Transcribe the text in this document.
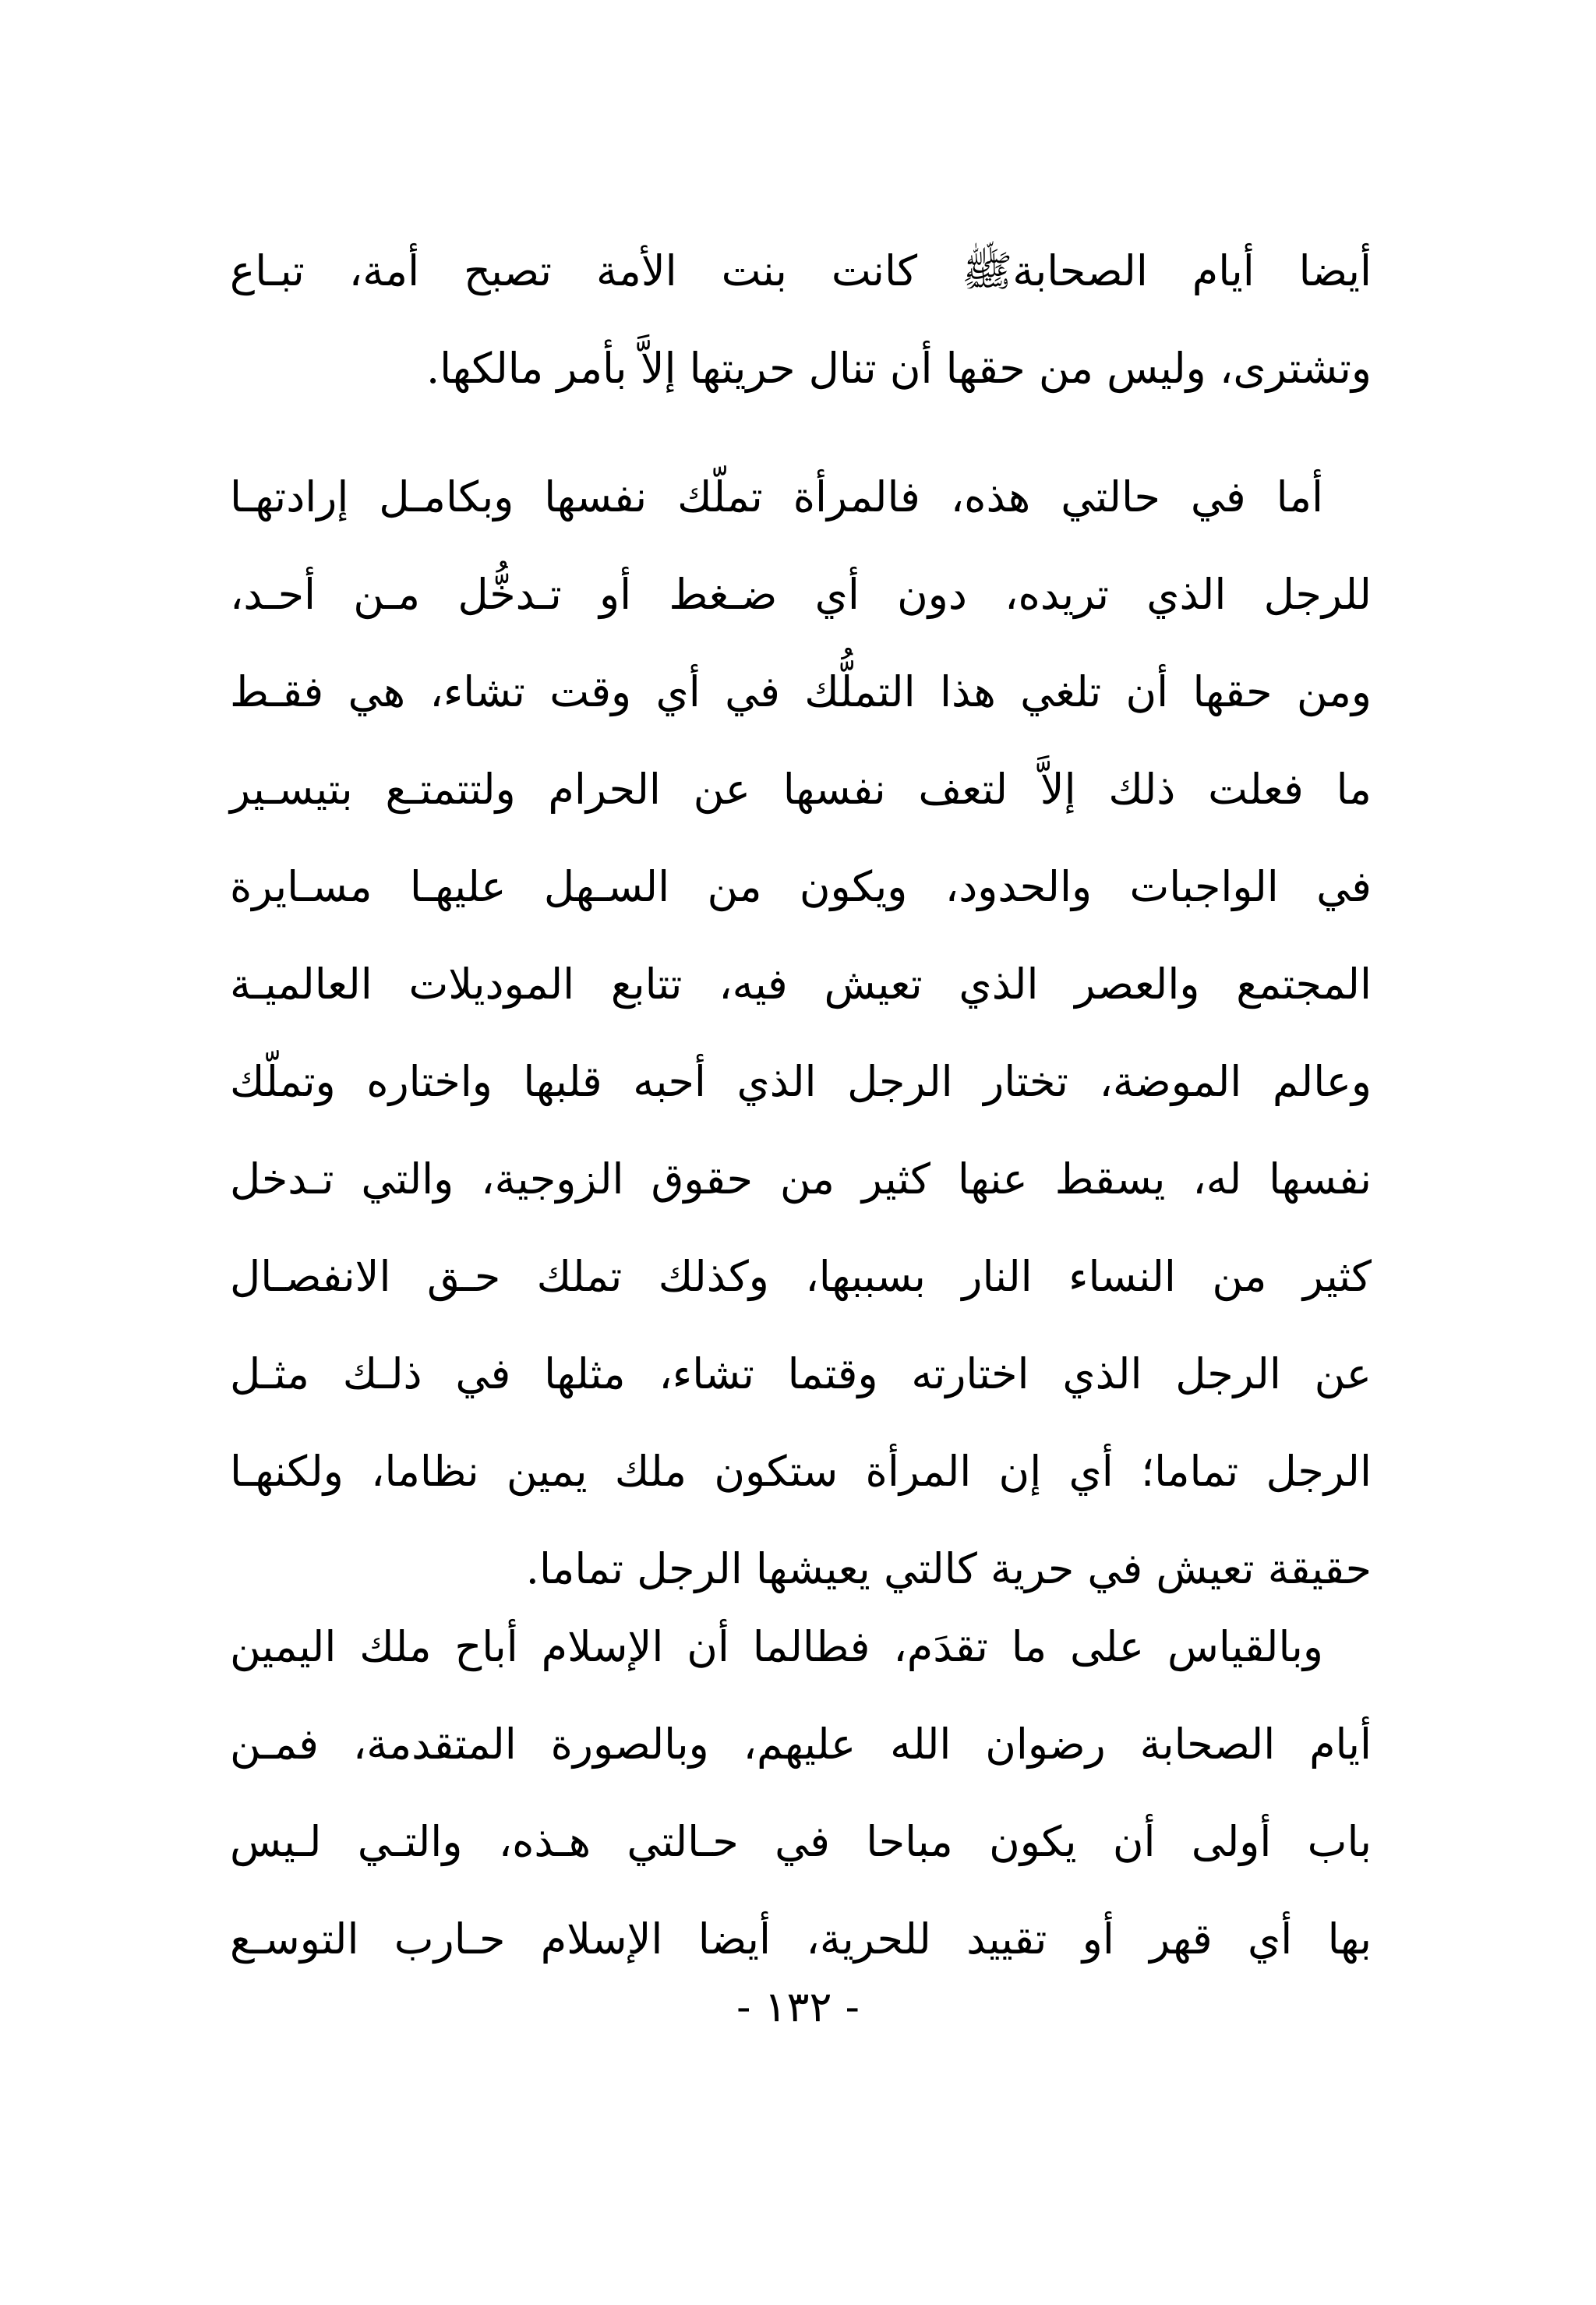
أيضا أيام الصحابةﷺ كانت بنت الأمة تصبح أمة، تبـاع
وتشترى، وليس من حقها أن تنال حريتها إلاَّ بأمر مالكها.
أما في حالتي هذه، فالمرأة تملّك نفسها وبكامـل إرادتهـا
للرجل الذي تريده، دون أي ضـغط أو تـدخُّل مـن أحـد،
ومن حقها أن تلغي هذا التملُّك في أي وقت تشاء، هي فقـط
ما فعلت ذلك إلاَّ لتعف نفسها عن الحرام ولتتمتـع بتيسـير
في الواجبات والحدود، ويكون من السـهل عليهـا مسـايرة
المجتمع والعصر الذي تعيش فيه، تتابع الموديلات العالميـة
وعالم الموضة، تختار الرجل الذي أحبه قلبها واختاره وتملّك
نفسها له، يسقط عنها كثير من حقوق الزوجية، والتي تـدخل
كثير من النساء النار بسببها، وكذلك تملك حـق الانفصـال
عن الرجل الذي اختارته وقتما تشاء، مثلها في ذلـك مثـل
الرجل تماما؛ أي إن المرأة ستكون ملك يمين نظاما، ولكنهـا
حقيقة تعيش في حرية كالتي يعيشها الرجل تماما.
وبالقياس على ما تقدَم، فطالما أن الإسلام أباح ملك اليمين
أيام الصحابة رضوان الله عليهم، وبالصورة المتقدمة، فمـن
باب أولى أن يكون مباحا في حـالتي هـذه، والتـي لـيس
بها أي قهر أو تقييد للحرية، أيضا الإسلام حـارب التوسـع
- ١٣٢ -
